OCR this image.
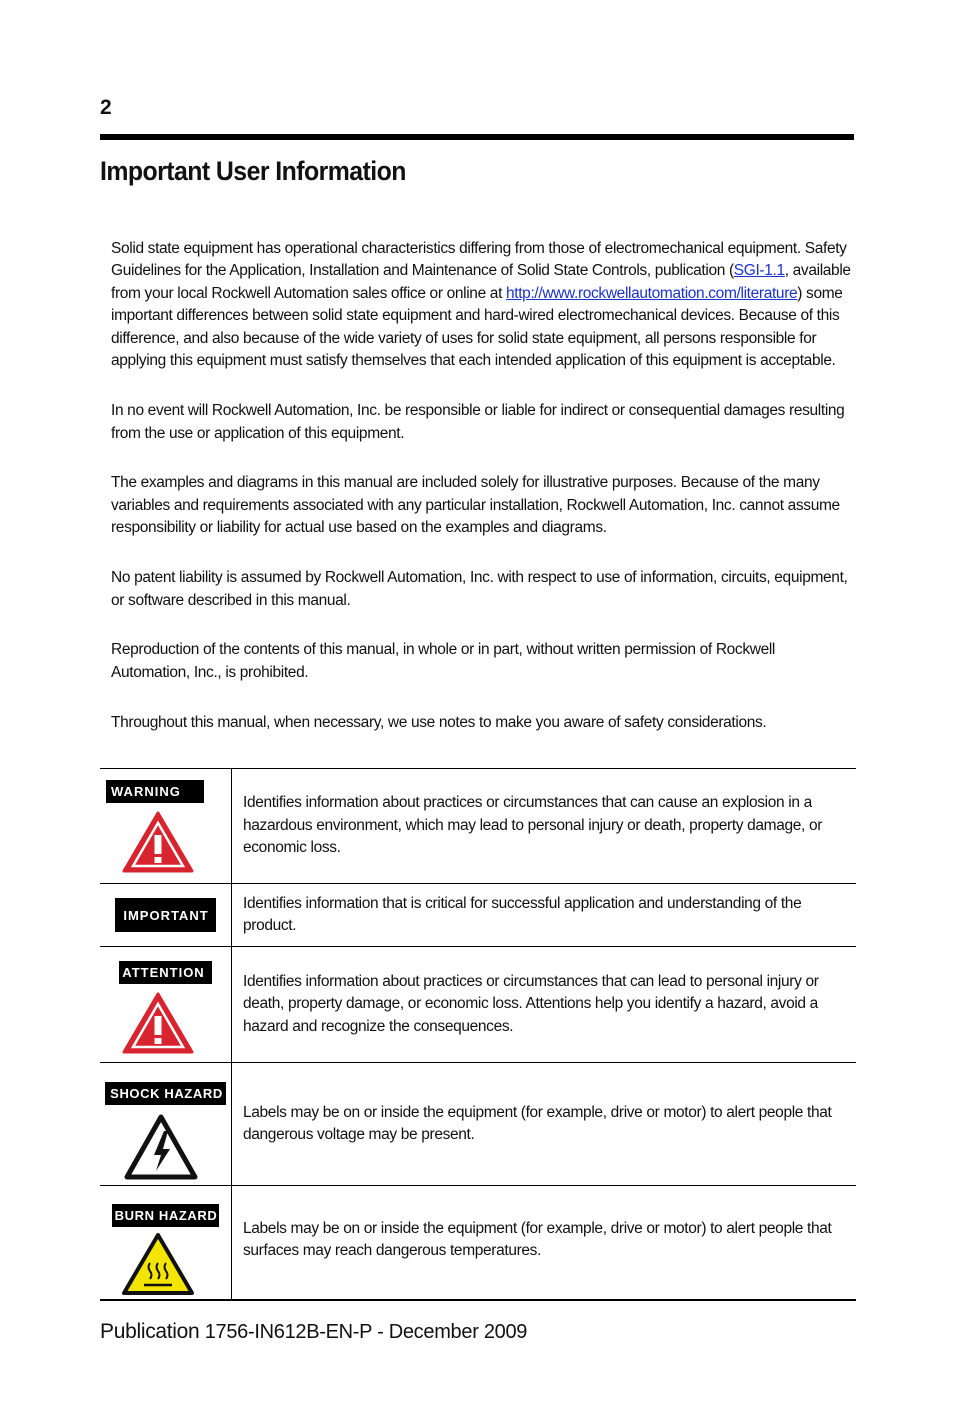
2
Important User Information

Solid state equipment has operational characteristics differing from those of electromechanical equipment. Safety Guidelines for the Application, Installation and Maintenance of Solid State Controls, publication (SGI-1.1, available from your local Rockwell Automation sales office or online at http://www.rockwellautomation.com/literature) some important differences between solid state equipment and hard-wired electromechanical devices. Because of this difference, and also because of the wide variety of uses for solid state equipment, all persons responsible for applying this equipment must satisfy themselves that each intended application of this equipment is acceptable.

In no event will Rockwell Automation, Inc. be responsible or liable for indirect or consequential damages resulting from the use or application of this equipment.

The examples and diagrams in this manual are included solely for illustrative purposes. Because of the many variables and requirements associated with any particular installation, Rockwell Automation, Inc. cannot assume responsibility or liability for actual use based on the examples and diagrams.

No patent liability is assumed by Rockwell Automation, Inc. with respect to use of information, circuits, equipment, or software described in this manual.

Reproduction of the contents of this manual, in whole or in part, without written permission of Rockwell Automation, Inc., is prohibited.

Throughout this manual, when necessary, we use notes to make you aware of safety considerations.

WARNING	Identifies information about practices or circumstances that can cause an explosion in a hazardous environment, which may lead to personal injury or death, property damage, or economic loss.

IMPORTANT	Identifies information that is critical for successful application and understanding of the product.

ATTENTION	Identifies information about practices or circumstances that can lead to personal injury or death, property damage, or economic loss. Attentions help you identify a hazard, avoid a hazard and recognize the consequences.

SHOCK HAZARD	Labels may be on or inside the equipment (for example, drive or motor) to alert people that dangerous voltage may be present.

BURN HAZARD	Labels may be on or inside the equipment (for example, drive or motor) to alert people that surfaces may reach dangerous temperatures.
Publication 1756-IN612B-EN-P - December 2009
